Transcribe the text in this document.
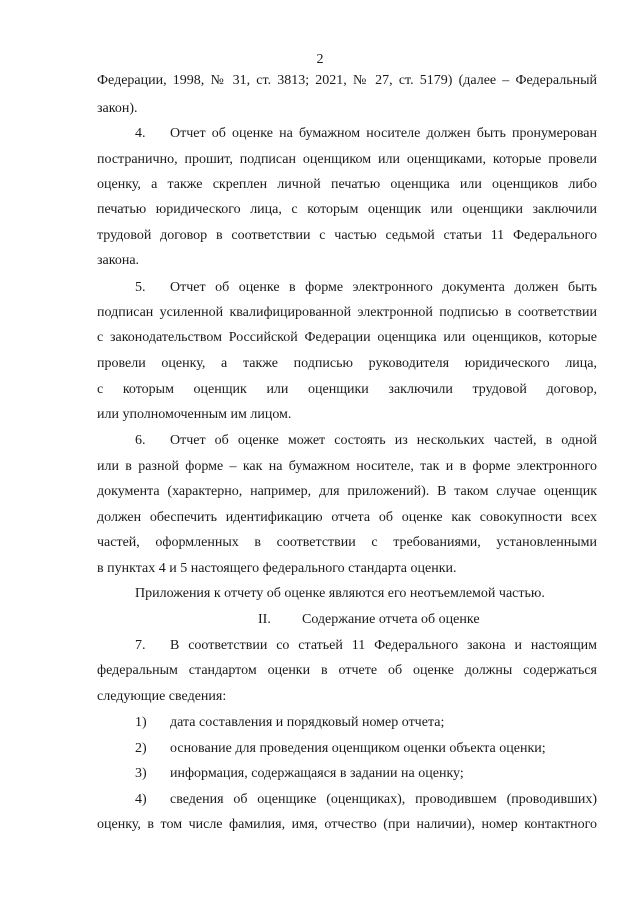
2
Федерации, 1998, № 31, ст. 3813; 2021, № 27, ст. 5179) (далее – Федеральный
закон).
4. Отчет об оценке на бумажном носителе должен быть пронумерован
постранично, прошит, подписан оценщиком или оценщиками, которые провели
оценку, а также скреплен личной печатью оценщика или оценщиков либо
печатью юридического лица, с которым оценщик или оценщики заключили
трудовой договор в соответствии с частью седьмой статьи 11 Федерального
закона.
5. Отчет об оценке в форме электронного документа должен быть
подписан усиленной квалифицированной электронной подписью в соответствии
с законодательством Российской Федерации оценщика или оценщиков, которые
провели оценку, а также подписью руководителя юридического лица,
с которым оценщик или оценщики заключили трудовой договор,
или уполномоченным им лицом.
6. Отчет об оценке может состоять из нескольких частей, в одной
или в разной форме – как на бумажном носителе, так и в форме электронного
документа (характерно, например, для приложений). В таком случае оценщик
должен обеспечить идентификацию отчета об оценке как совокупности всех
частей, оформленных в соответствии с требованиями, установленными
в пунктах 4 и 5 настоящего федерального стандарта оценки.
Приложения к отчету об оценке являются его неотъемлемой частью.
II. Содержание отчета об оценке
7. В соответствии со статьей 11 Федерального закона и настоящим
федеральным стандартом оценки в отчете об оценке должны содержаться
следующие сведения:
1) дата составления и порядковый номер отчета;
2) основание для проведения оценщиком оценки объекта оценки;
3) информация, содержащаяся в задании на оценку;
4) сведения об оценщике (оценщиках), проводившем (проводивших)
оценку, в том числе фамилия, имя, отчество (при наличии), номер контактного
